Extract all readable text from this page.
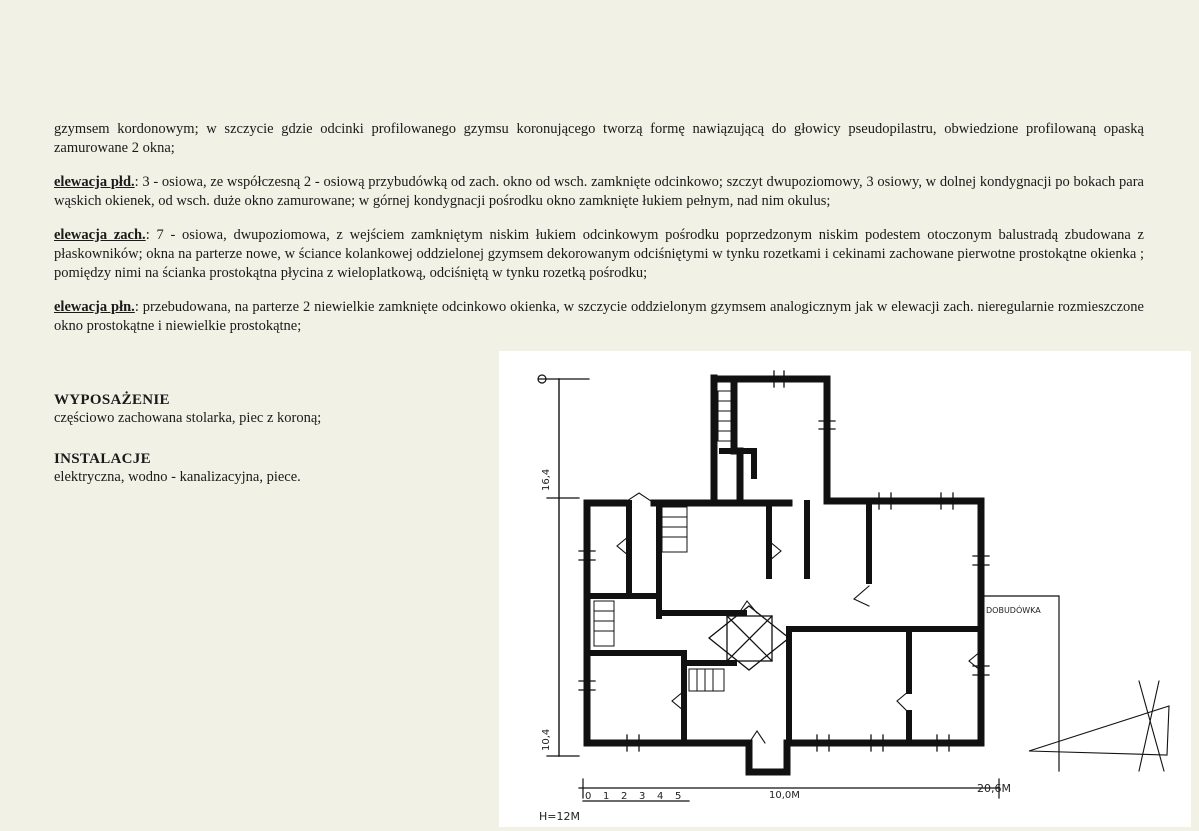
gzymsem kordonowym; w szczycie gdzie odcinki profilowanego gzymsu koronującego tworzą formę nawiązującą do głowicy pseudopilastru, obwiedzione profilowaną opaską zamurowane 2 okna;

elewacja płd.: 3 - osiowa, ze współczesną 2 - osiową przybudówką od zach. okno od wsch. zamknięte odcinkowo; szczyt dwupoziomowy, 3 osiowy, w dolnej kondygnacji po bokach para wąskich okienek, od wsch. duże okno zamurowane; w górnej kondygnacji pośrodku okno zamknięte łukiem pełnym, nad nim okulus;

elewacja zach.: 7 - osiowa, dwupoziomowa, z wejściem zamkniętym niskim łukiem odcinkowym pośrodku poprzedzonym niskim podestem otoczonym balustradą zbudowana z płaskowników; okna na parterze nowe, w ściance kolankowej oddzielonej gzymsem dekorowanym odciśniętymi w tynku rozetkami i cekinami zachowane pierwotne prostokątne okienka ; pomiędzy nimi na ścianka prostokątna płycina z wieloplatkową, odciśniętą w tynku rozetką pośrodku;

elewacja płn.: przebudowana, na parterze 2 niewielkie zamknięte odcinkowo okienka, w szczycie oddzielonym gzymsem analogicznym jak w elewacji zach. nieregularnie rozmieszczone okno prostokątne i niewielkie prostokątne;

WYPOSAŻENIE
częściowo zachowana stolarka, piec z koroną;
INSTALACJE
elektryczna, wodno - kanalizacyjna, piece.	16,4
10,4
DOBUDÓWKA
0 1 2 3 4 5	10,0M
20,6M
H=12M
